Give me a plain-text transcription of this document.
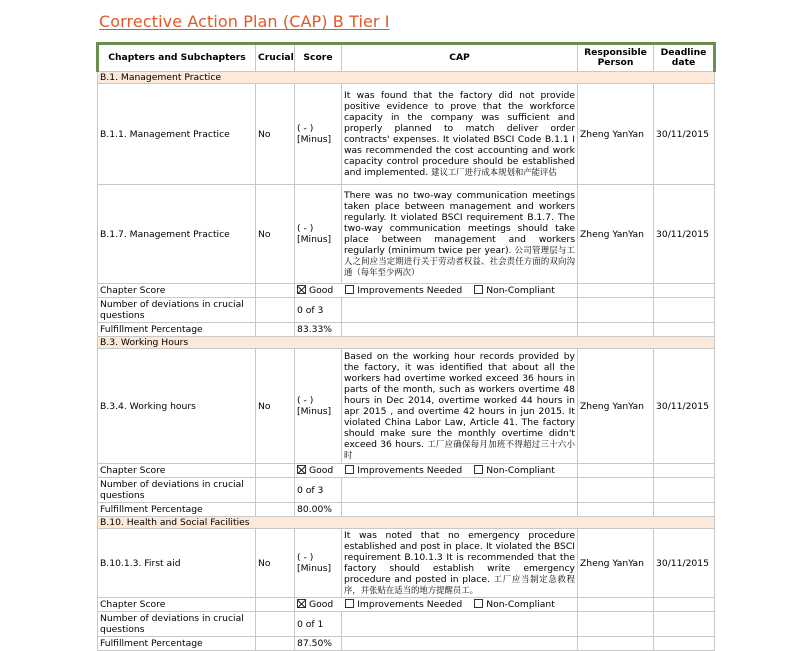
Corrective Action Plan (CAP) B Tier I
Chapters and Subchapters	Crucial	Score	CAP	Responsible Person	Deadline date
B.1. Management Practice					
B.1.1. Management Practice	No	( - ) [Minus]	It was found that the factory did not provide positive evidence to prove that the workforce capacity in the company was sufficient and properly planned to match deliver order contracts' expenses. It violated BSCI Code B.1.1 I was recommended the cost accounting and work capacity control procedure should be established and implemented. 建议工厂进行成本规划和产能评估	Zheng YanYan	30/11/2015
B.1.7. Management Practice	No	( - ) [Minus]	There was no two-way communication meetings taken place between management and workers regularly. It violated BSCI requirement B.1.7. The two-way communication meetings should take place between management and workers regularly (minimum twice per year). 公司管理层与工人之间应当定期进行关于劳动者权益、社会责任方面的双向沟通（每年至少两次）	Zheng YanYan	30/11/2015
Chapter Score		Good Improvements Needed Non-Compliant			
Number of deviations in crucial questions		0 of 3			
Fulfillment Percentage		83.33%			
B.3. Working Hours					
B.3.4. Working hours	No	( - ) [Minus]	Based on the working hour records provided by the factory, it was identified that about all the workers had overtime worked exceed 36 hours in parts of the month, such as workers overtime 48 hours in Dec 2014, overtime worked 44 hours in apr 2015 , and overtime 42 hours in jun 2015. It violated China Labor Law, Article 41. The factory should make sure the monthly overtime didn't exceed 36 hours. 工厂应确保每月加班不得超过三十六小时	Zheng YanYan	30/11/2015
Chapter Score		Good Improvements Needed Non-Compliant			
Number of deviations in crucial questions		0 of 3			
Fulfillment Percentage		80.00%			
B.10. Health and Social Facilities					
B.10.1.3. First aid	No	( - ) [Minus]	It was noted that no emergency procedure established and post in place. It violated the BSCI requirement B.10.1.3 It is recommended that the factory should establish write emergency procedure and posted in place. 工厂应当制定急救程序，并张贴在适当的地方提醒员工。	Zheng YanYan	30/11/2015
Chapter Score		Good Improvements Needed Non-Compliant			
Number of deviations in crucial questions		0 of 1			
Fulfillment Percentage		87.50%			
